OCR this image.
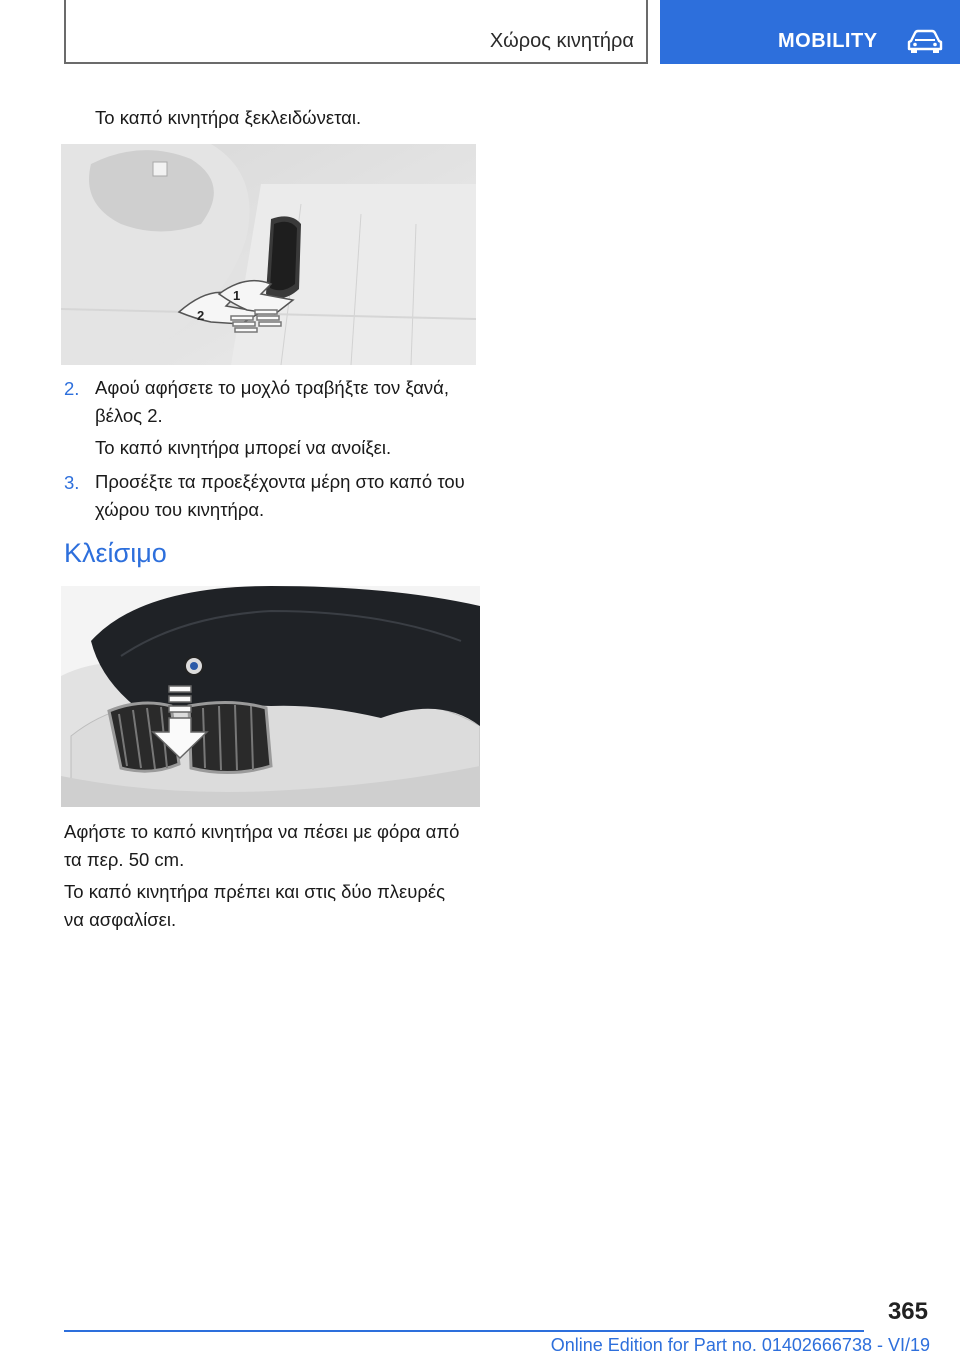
Χώρος κινητήρα	MOBILITY
Το καπό κινητήρα ξεκλειδώνεται.
2
1
2. Αφού αφήσετε το μοχλό τραβήξτε τον ξανά,
βέλος 2.
Το καπό κινητήρα μπορεί να ανοίξει.
3. Προσέξτε τα προεξέχοντα μέρη στο καπό του
χώρου του κινητήρα.
Κλείσιμο
Αφήστε το καπό κινητήρα να πέσει με φόρα από
τα περ. 50 cm.
Το καπό κινητήρα πρέπει και στις δύο πλευρές
να ασφαλίσει.
365
Online Edition for Part no. 01402666738 - VI/19
